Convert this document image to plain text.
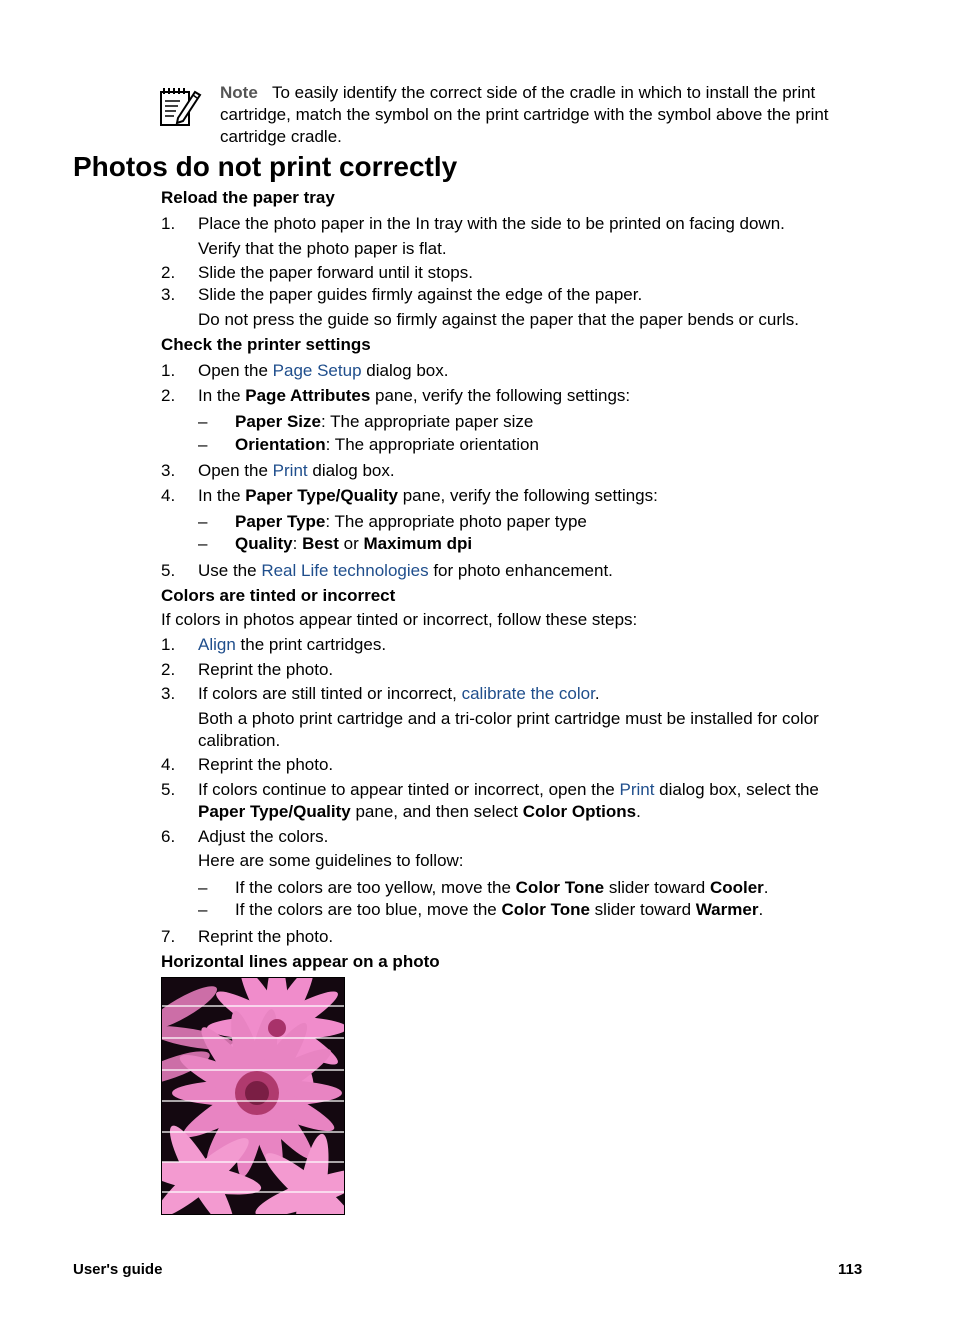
Note To easily identify the correct side of the cradle in which to install the print
cartridge, match the symbol on the print cartridge with the symbol above the print
cartridge cradle.
Photos do not print correctly
Reload the paper tray
1.	Place the photo paper in the In tray with the side to be printed on facing down.
Verify that the photo paper is flat.
2.	Slide the paper forward until it stops.
3.	Slide the paper guides firmly against the edge of the paper.
Do not press the guide so firmly against the paper that the paper bends or curls.
Check the printer settings
1.	Open the Page Setup dialog box.
2.	In the Page Attributes pane, verify the following settings:
– Paper Size: The appropriate paper size
– Orientation: The appropriate orientation
3.	Open the Print dialog box.
4.	In the Paper Type/Quality pane, verify the following settings:
– Paper Type: The appropriate photo paper type
– Quality: Best or Maximum dpi
5.	Use the Real Life technologies for photo enhancement.
Colors are tinted or incorrect
If colors in photos appear tinted or incorrect, follow these steps:
1.	Align the print cartridges.
2.	Reprint the photo.
3.	If colors are still tinted or incorrect, calibrate the color.
Both a photo print cartridge and a tri-color print cartridge must be installed for color
calibration.
4.	Reprint the photo.
5.	If colors continue to appear tinted or incorrect, open the Print dialog box, select the
Paper Type/Quality pane, and then select Color Options.
6.	Adjust the colors.
Here are some guidelines to follow:
– If the colors are too yellow, move the Color Tone slider toward Cooler.
– If the colors are too blue, move the Color Tone slider toward Warmer.
7.	Reprint the photo.
Horizontal lines appear on a photo
User's guide	113
